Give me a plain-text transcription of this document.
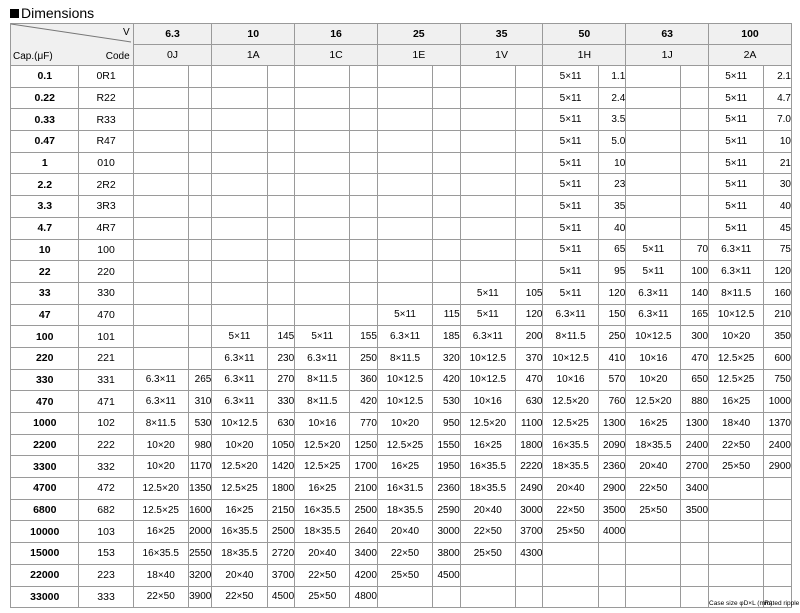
Dimensions
V
Cap.(μF) Code		6.3		10		16		25		35		50		63		100	
		0J		1A		1C		1E		1V		1H		1J		2A	
0.1	0R1											5×11	1.1			5×11	2.1
0.22	R22											5×11	2.4			5×11	4.7
0.33	R33											5×11	3.5			5×11	7.0
0.47	R47											5×11	5.0			5×11	10
1	010											5×11	10			5×11	21
2.2	2R2											5×11	23			5×11	30
3.3	3R3											5×11	35			5×11	40
4.7	4R7											5×11	40			5×11	45
10	100											5×11	65	5×11	70	6.3×11	75
22	220											5×11	95	5×11	100	6.3×11	120
33	330									5×11	105	5×11	120	6.3×11	140	8×11.5	160
47	470							5×11	115	5×11	120	6.3×11	150	6.3×11	165	10×12.5	210
100	101			5×11	145	5×11	155	6.3×11	185	6.3×11	200	8×11.5	250	10×12.5	300	10×20	350
220	221			6.3×11	230	6.3×11	250	8×11.5	320	10×12.5	370	10×12.5	410	10×16	470	12.5×25	600
330	331	6.3×11	265	6.3×11	270	8×11.5	360	10×12.5	420	10×12.5	470	10×16	570	10×20	650	12.5×25	750
470	471	6.3×11	310	6.3×11	330	8×11.5	420	10×12.5	530	10×16	630	12.5×20	760	12.5×20	880	16×25	1000
1000	102	8×11.5	530	10×12.5	630	10×16	770	10×20	950	12.5×20	1100	12.5×25	1300	16×25	1300	18×40	1370
2200	222	10×20	980	10×20	1050	12.5×20	1250	12.5×25	1550	16×25	1800	16×35.5	2090	18×35.5	2400	22×50	2400
3300	332	10×20	1170	12.5×20	1420	12.5×25	1700	16×25	1950	16×35.5	2220	18×35.5	2360	20×40	2700	25×50	2900
4700	472	12.5×20	1350	12.5×25	1800	16×25	2100	16×31.5	2360	18×35.5	2490	20×40	2900	22×50	3400		
6800	682	12.5×25	1600	16×25	2150	16×35.5	2500	18×35.5	2590	20×40	3000	22×50	3500	25×50	3500		
10000	103	16×25	2000	16×35.5	2500	18×35.5	2640	20×40	3000	22×50	3700	25×50	4000				
15000	153	16×35.5	2550	18×35.5	2720	20×40	3400	22×50	3800	25×50	4300						
22000	223	18×40	3200	20×40	3700	22×50	4200	25×50	4500								
33000	333	22×50	3900	22×50	4500	25×50	4800									Case size φD×L (mm)	Rated ripple
